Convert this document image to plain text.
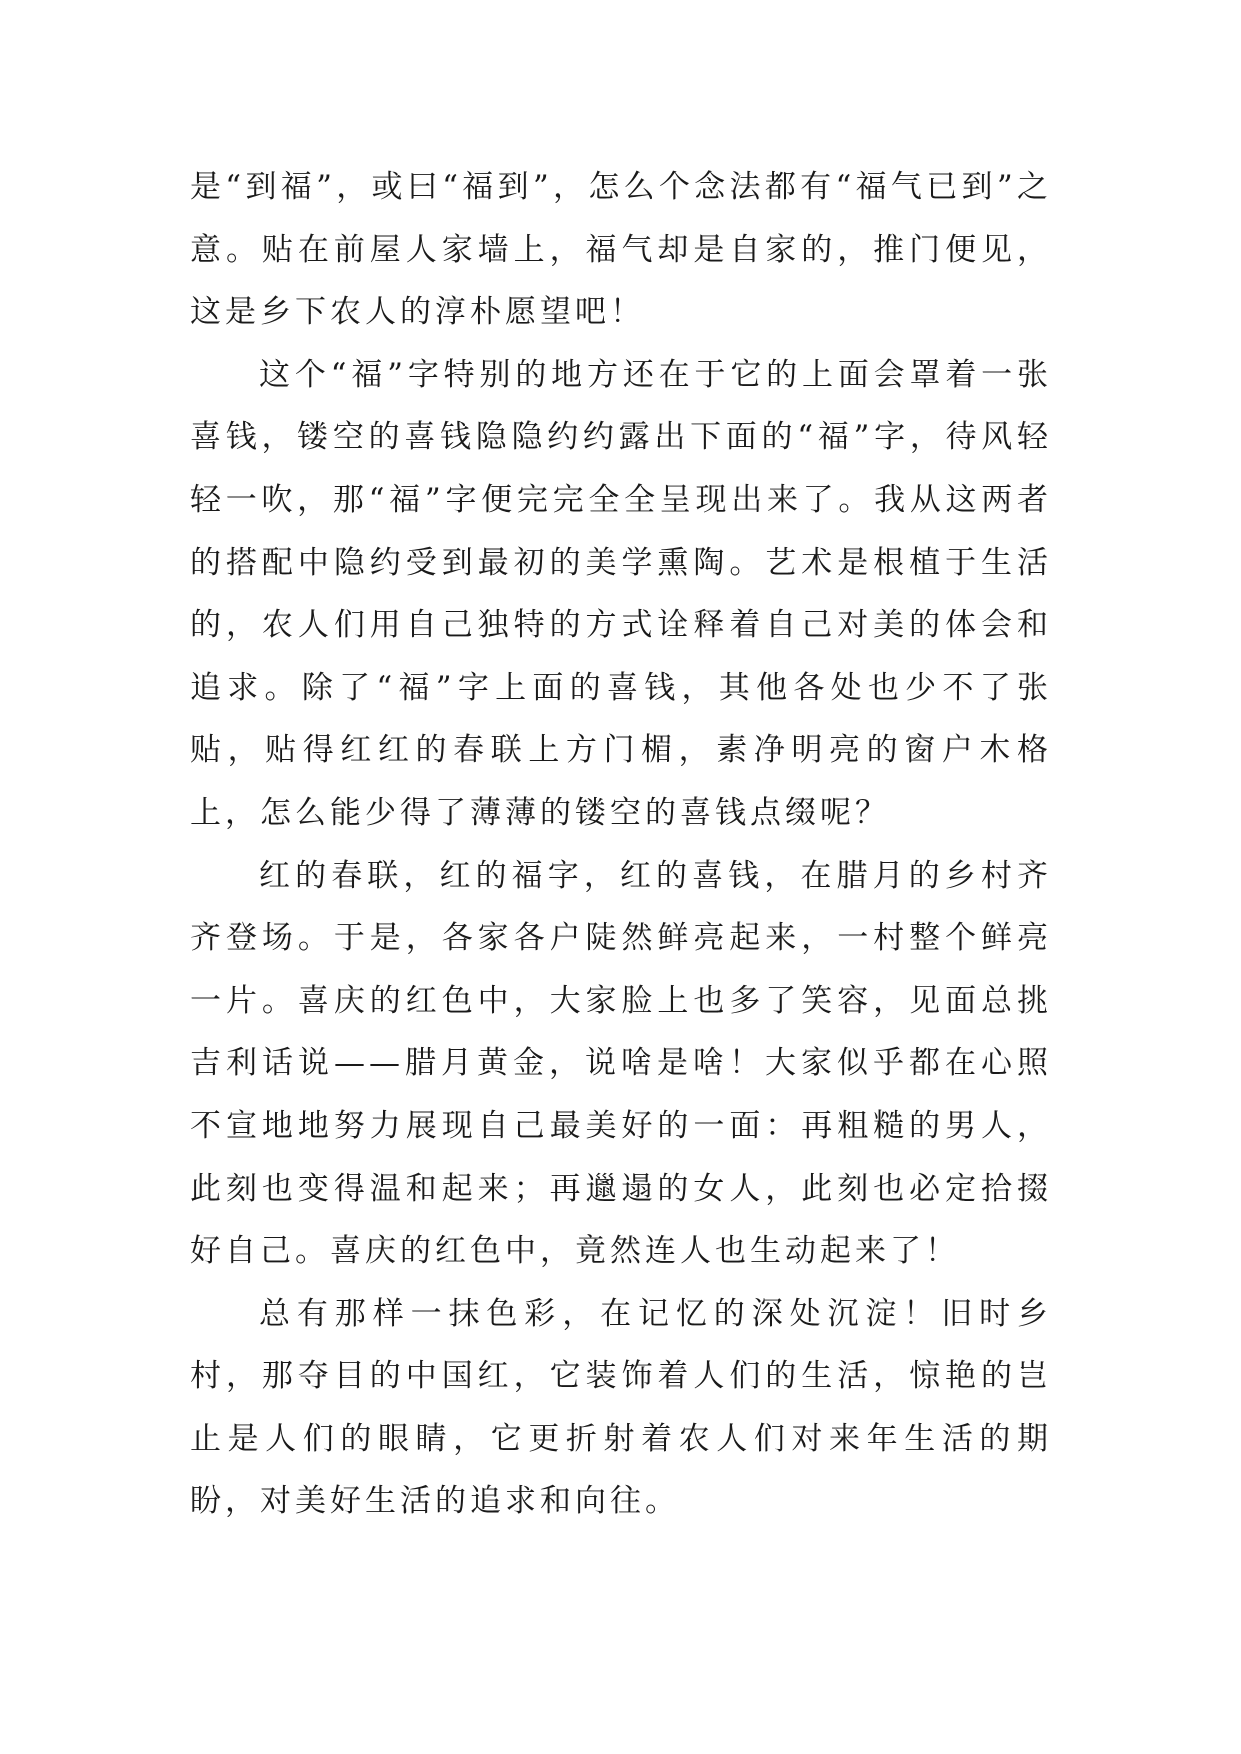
是“到福”，或曰“福到”，怎么个念法都有“福气已到”之意。贴在前屋人家墙上，福气却是自家的，推门便见，这是乡下农人的淳朴愿望吧！

这个“福”字特别的地方还在于它的上面会罩着一张喜钱，镂空的喜钱隐隐约约露出下面的“福”字，待风轻轻一吹，那“福”字便完完全全呈现出来了。我从这两者的搭配中隐约受到最初的美学熏陶。艺术是根植于生活的，农人们用自己独特的方式诠释着自己对美的体会和追求。除了“福”字上面的喜钱，其他各处也少不了张贴，贴得红红的春联上方门楣，素净明亮的窗户木格上，怎么能少得了薄薄的镂空的喜钱点缀呢？

红的春联，红的福字，红的喜钱，在腊月的乡村齐齐登场。于是，各家各户陡然鲜亮起来，一村整个鲜亮一片。喜庆的红色中，大家脸上也多了笑容，见面总挑吉利话说——腊月黄金，说啥是啥！大家似乎都在心照不宣地地努力展现自己最美好的一面：再粗糙的男人，此刻也变得温和起来；再邋遢的女人，此刻也必定拾掇好自己。喜庆的红色中，竟然连人也生动起来了！

总有那样一抹色彩，在记忆的深处沉淀！旧时乡村，那夺目的中国红，它装饰着人们的生活，惊艳的岂止是人们的眼睛，它更折射着农人们对来年生活的期盼，对美好生活的追求和向往。
